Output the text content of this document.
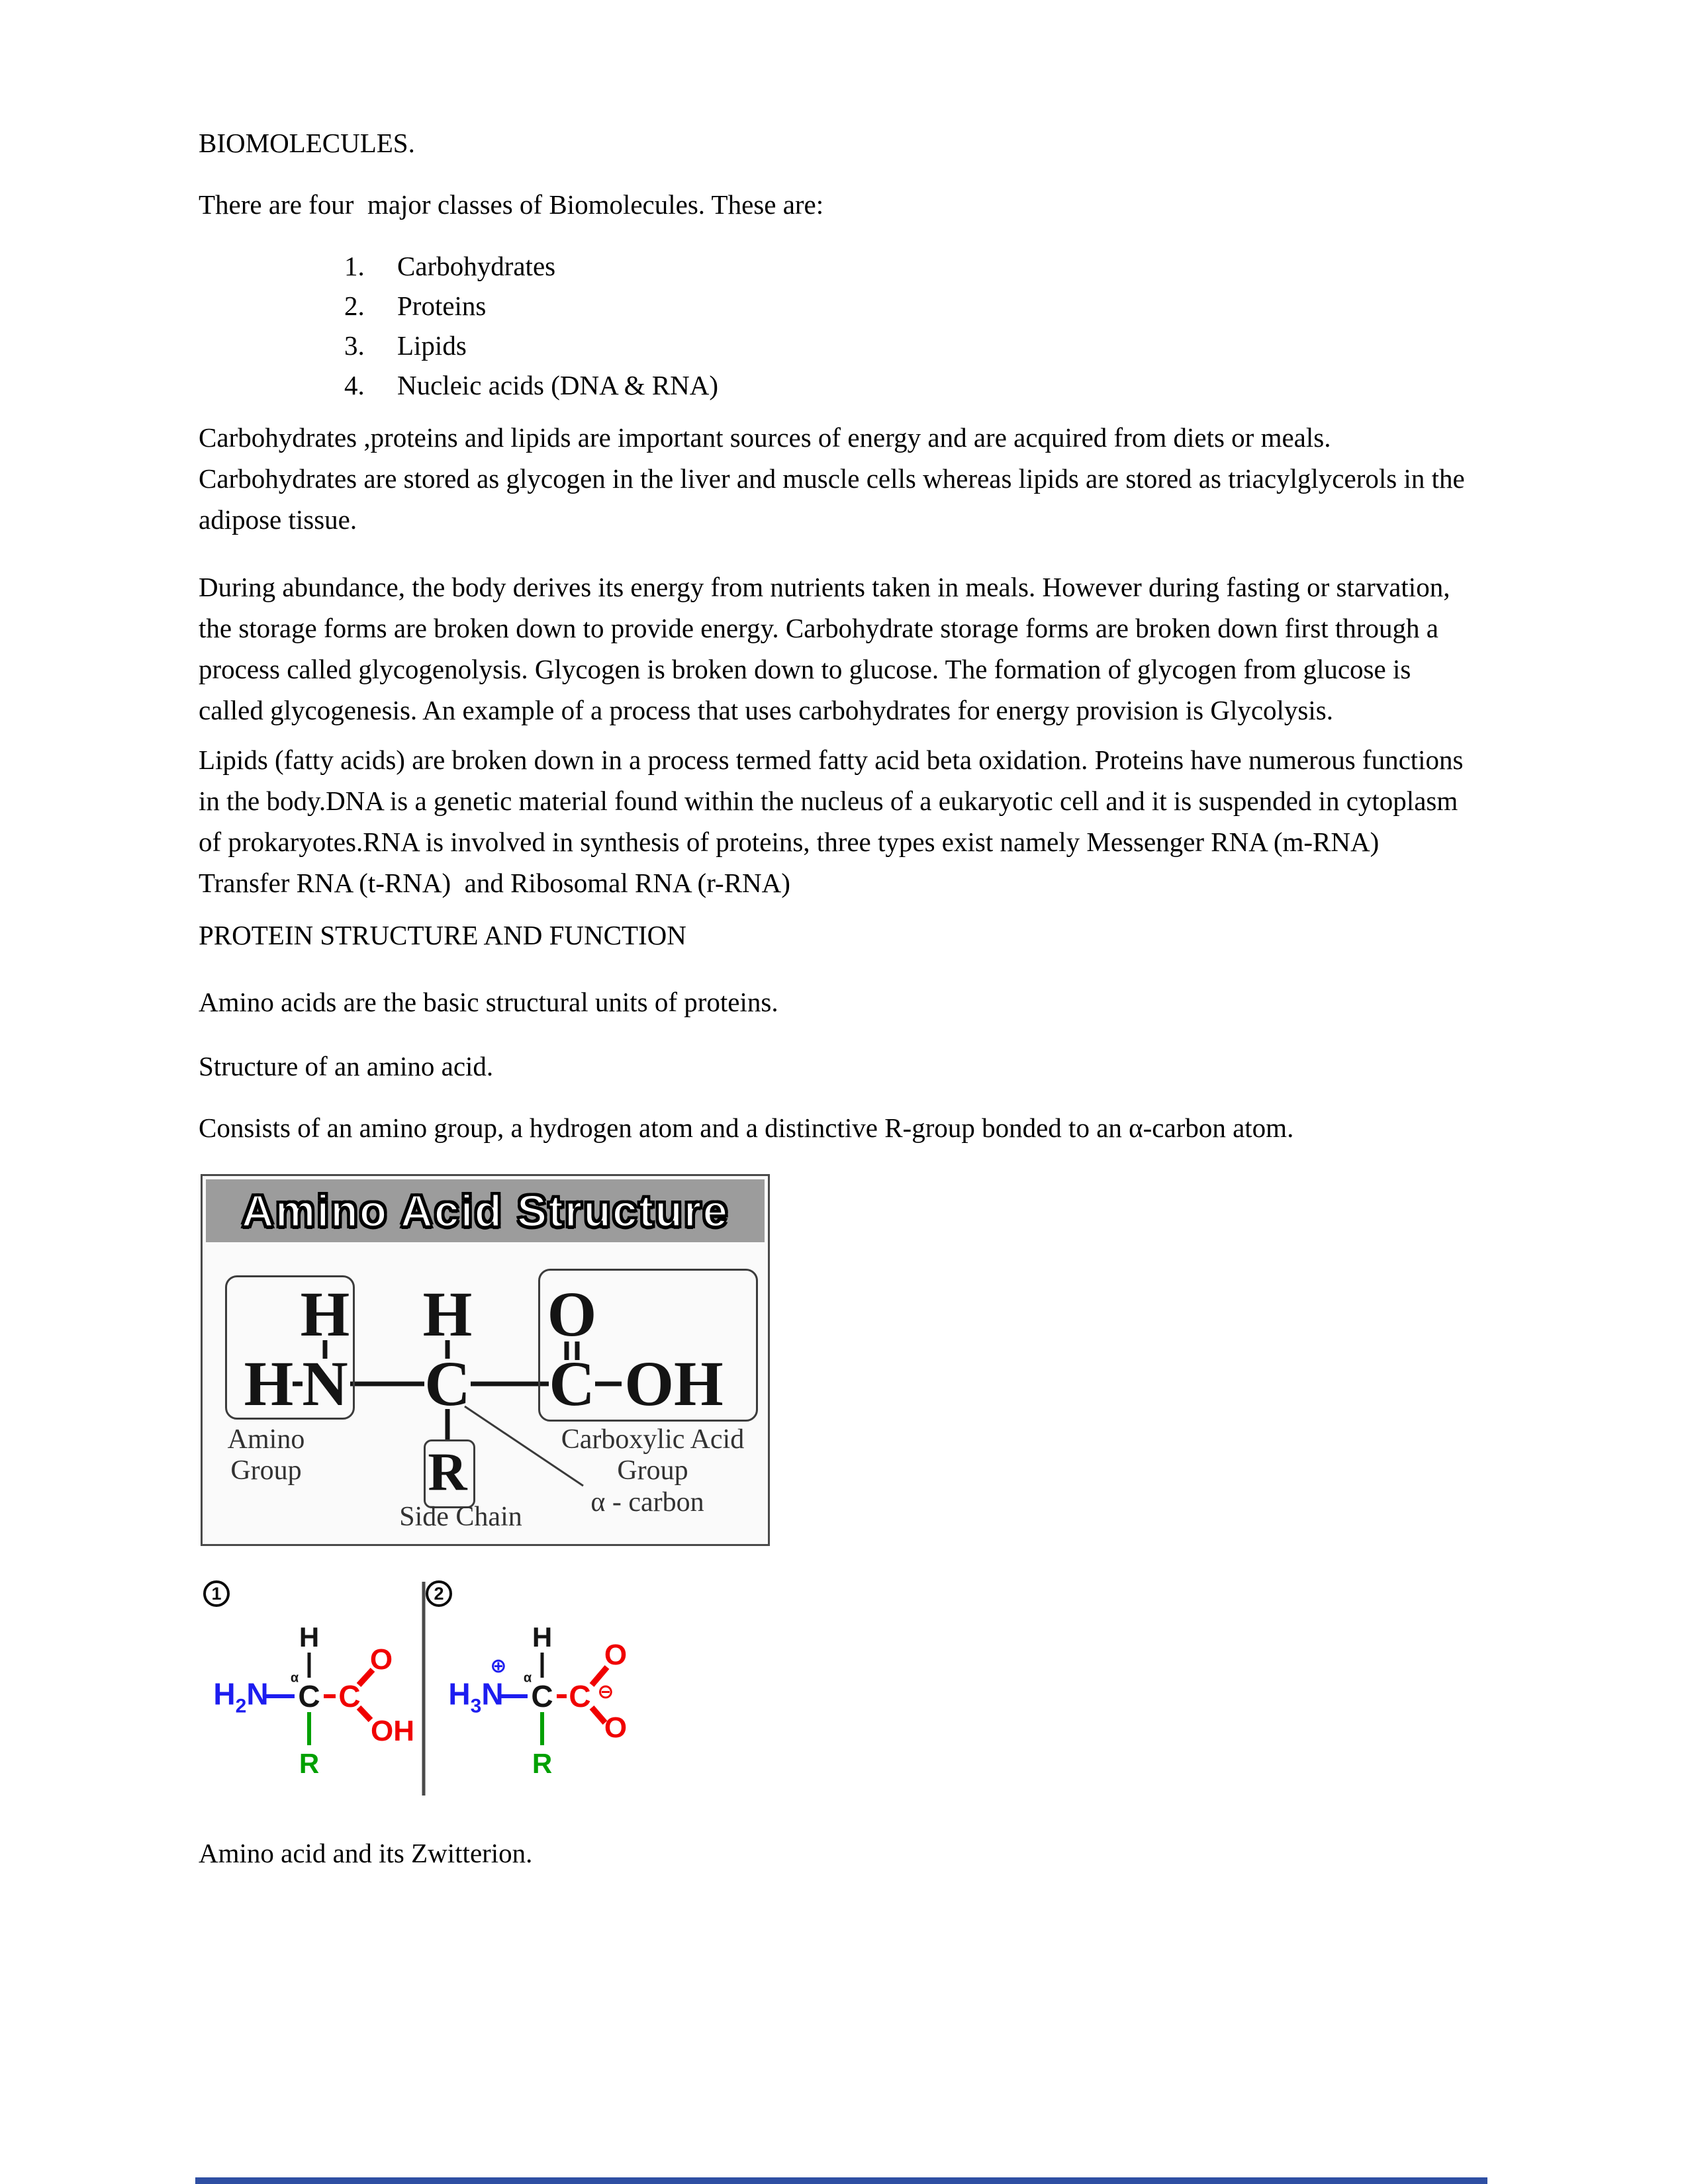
BIOMOLECULES.
There are four  major classes of Biomolecules. These are:
1. Carbohydrates
2. Proteins
3. Lipids
4. Nucleic acids (DNA & RNA)
Carbohydrates ,proteins and lipids are important sources of energy and are acquired from diets or meals.
Carbohydrates are stored as glycogen in the liver and muscle cells whereas lipids are stored as triacylglycerols in the
adipose tissue.
During abundance, the body derives its energy from nutrients taken in meals. However during fasting or starvation,
the storage forms are broken down to provide energy. Carbohydrate storage forms are broken down first through a
process called glycogenolysis. Glycogen is broken down to glucose. The formation of glycogen from glucose is
called glycogenesis. An example of a process that uses carbohydrates for energy provision is Glycolysis.
Lipids (fatty acids) are broken down in a process termed fatty acid beta oxidation. Proteins have numerous functions
in the body.DNA is a genetic material found within the nucleus of a eukaryotic cell and it is suspended in cytoplasm
of prokaryotes.RNA is involved in synthesis of proteins, three types exist namely Messenger RNA (m-RNA)
Transfer RNA (t-RNA)  and Ribosomal RNA (r-RNA)
PROTEIN STRUCTURE AND FUNCTION
Amino acids are the basic structural units of proteins.
Structure of an amino acid.
Consists of an amino group, a hydrogen atom and a distinctive R-group bonded to an α-carbon atom.
Amino Acid Structure
H N
H H
C
O
C OH
R
Amino
Group
Carboxylic Acid
Group
Side Chain α - carbon
1	2
H
$H_2N$ α
C C
O
OH
R
H
⊕
$H_3N$ α
C C
O
⊖
O
R
Amino acid and its Zwitterion.
